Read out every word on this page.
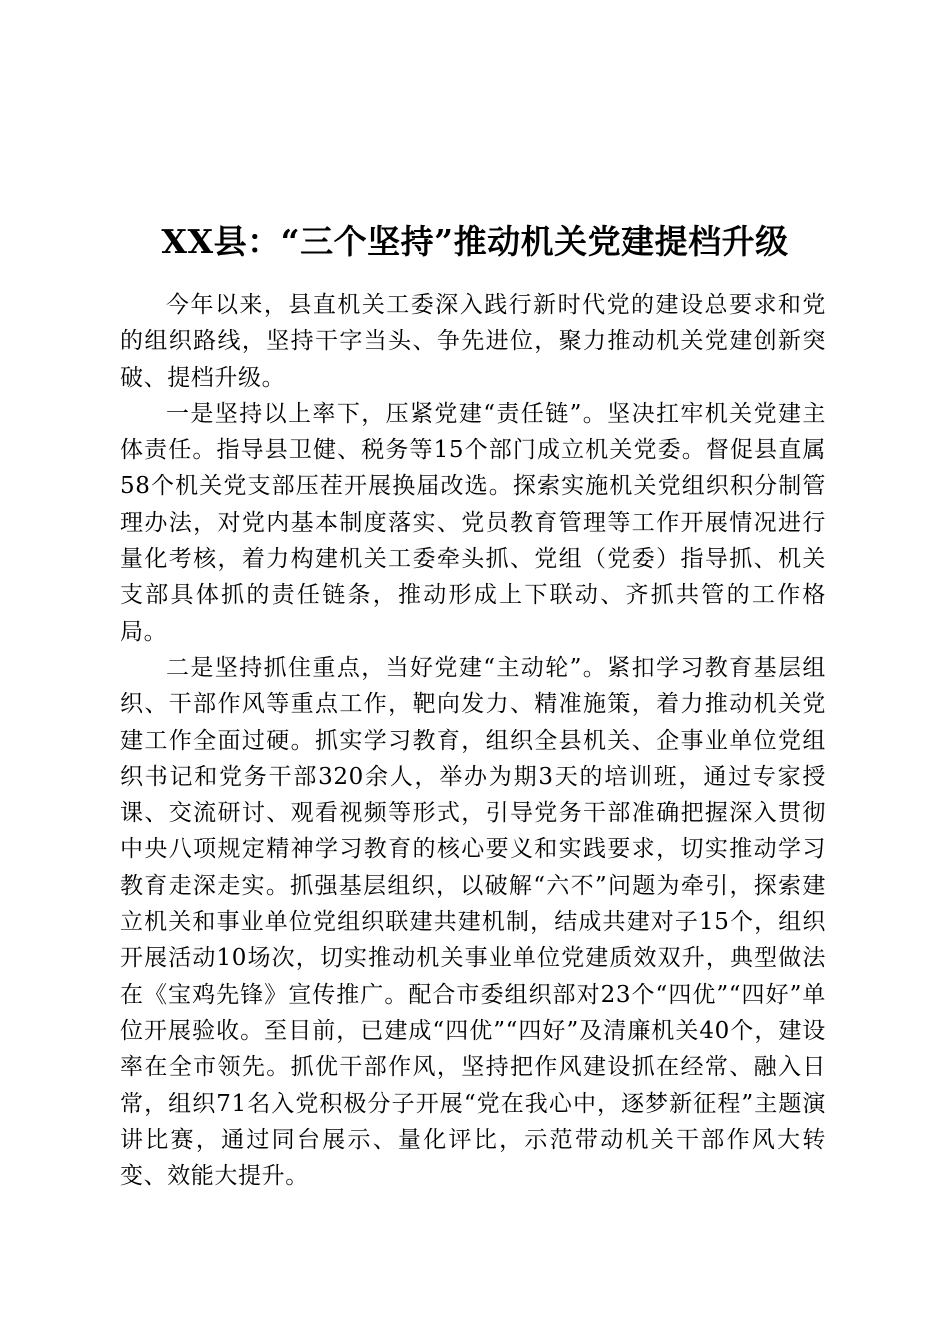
XX县：“三个坚持”推动机关党建提档升级

今年以来，县直机关工委深入践行新时代党的建设总要求和党的组织路线，坚持干字当头、争先进位，聚力推动机关党建创新突破、提档升级。

一是坚持以上率下，压紧党建“责任链”。坚决扛牢机关党建主体责任。指导县卫健、税务等15个部门成立机关党委。督促县直属58个机关党支部压茬开展换届改选。探索实施机关党组织积分制管理办法，对党内基本制度落实、党员教育管理等工作开展情况进行量化考核，着力构建机关工委牵头抓、党组（党委）指导抓、机关支部具体抓的责任链条，推动形成上下联动、齐抓共管的工作格局。

二是坚持抓住重点，当好党建“主动轮”。紧扣学习教育基层组织、干部作风等重点工作，靶向发力、精准施策，着力推动机关党建工作全面过硬。抓实学习教育，组织全县机关、企事业单位党组织书记和党务干部320余人，举办为期3天的培训班，通过专家授课、交流研讨、观看视频等形式，引导党务干部准确把握深入贯彻中央八项规定精神学习教育的核心要义和实践要求，切实推动学习教育走深走实。抓强基层组织，以破解“六不”问题为牵引，探索建立机关和事业单位党组织联建共建机制，结成共建对子15个，组织开展活动10场次，切实推动机关事业单位党建质效双升，典型做法在《宝鸡先锋》宣传推广。配合市委组织部对23个“四优”“四好”单位开展验收。至目前，已建成“四优”“四好”及清廉机关40个，建设率在全市领先。抓优干部作风，坚持把作风建设抓在经常、融入日常，组织71名入党积极分子开展“党在我心中，逐梦新征程”主题演讲比赛，通过同台展示、量化评比，示范带动机关干部作风大转变、效能大提升。
